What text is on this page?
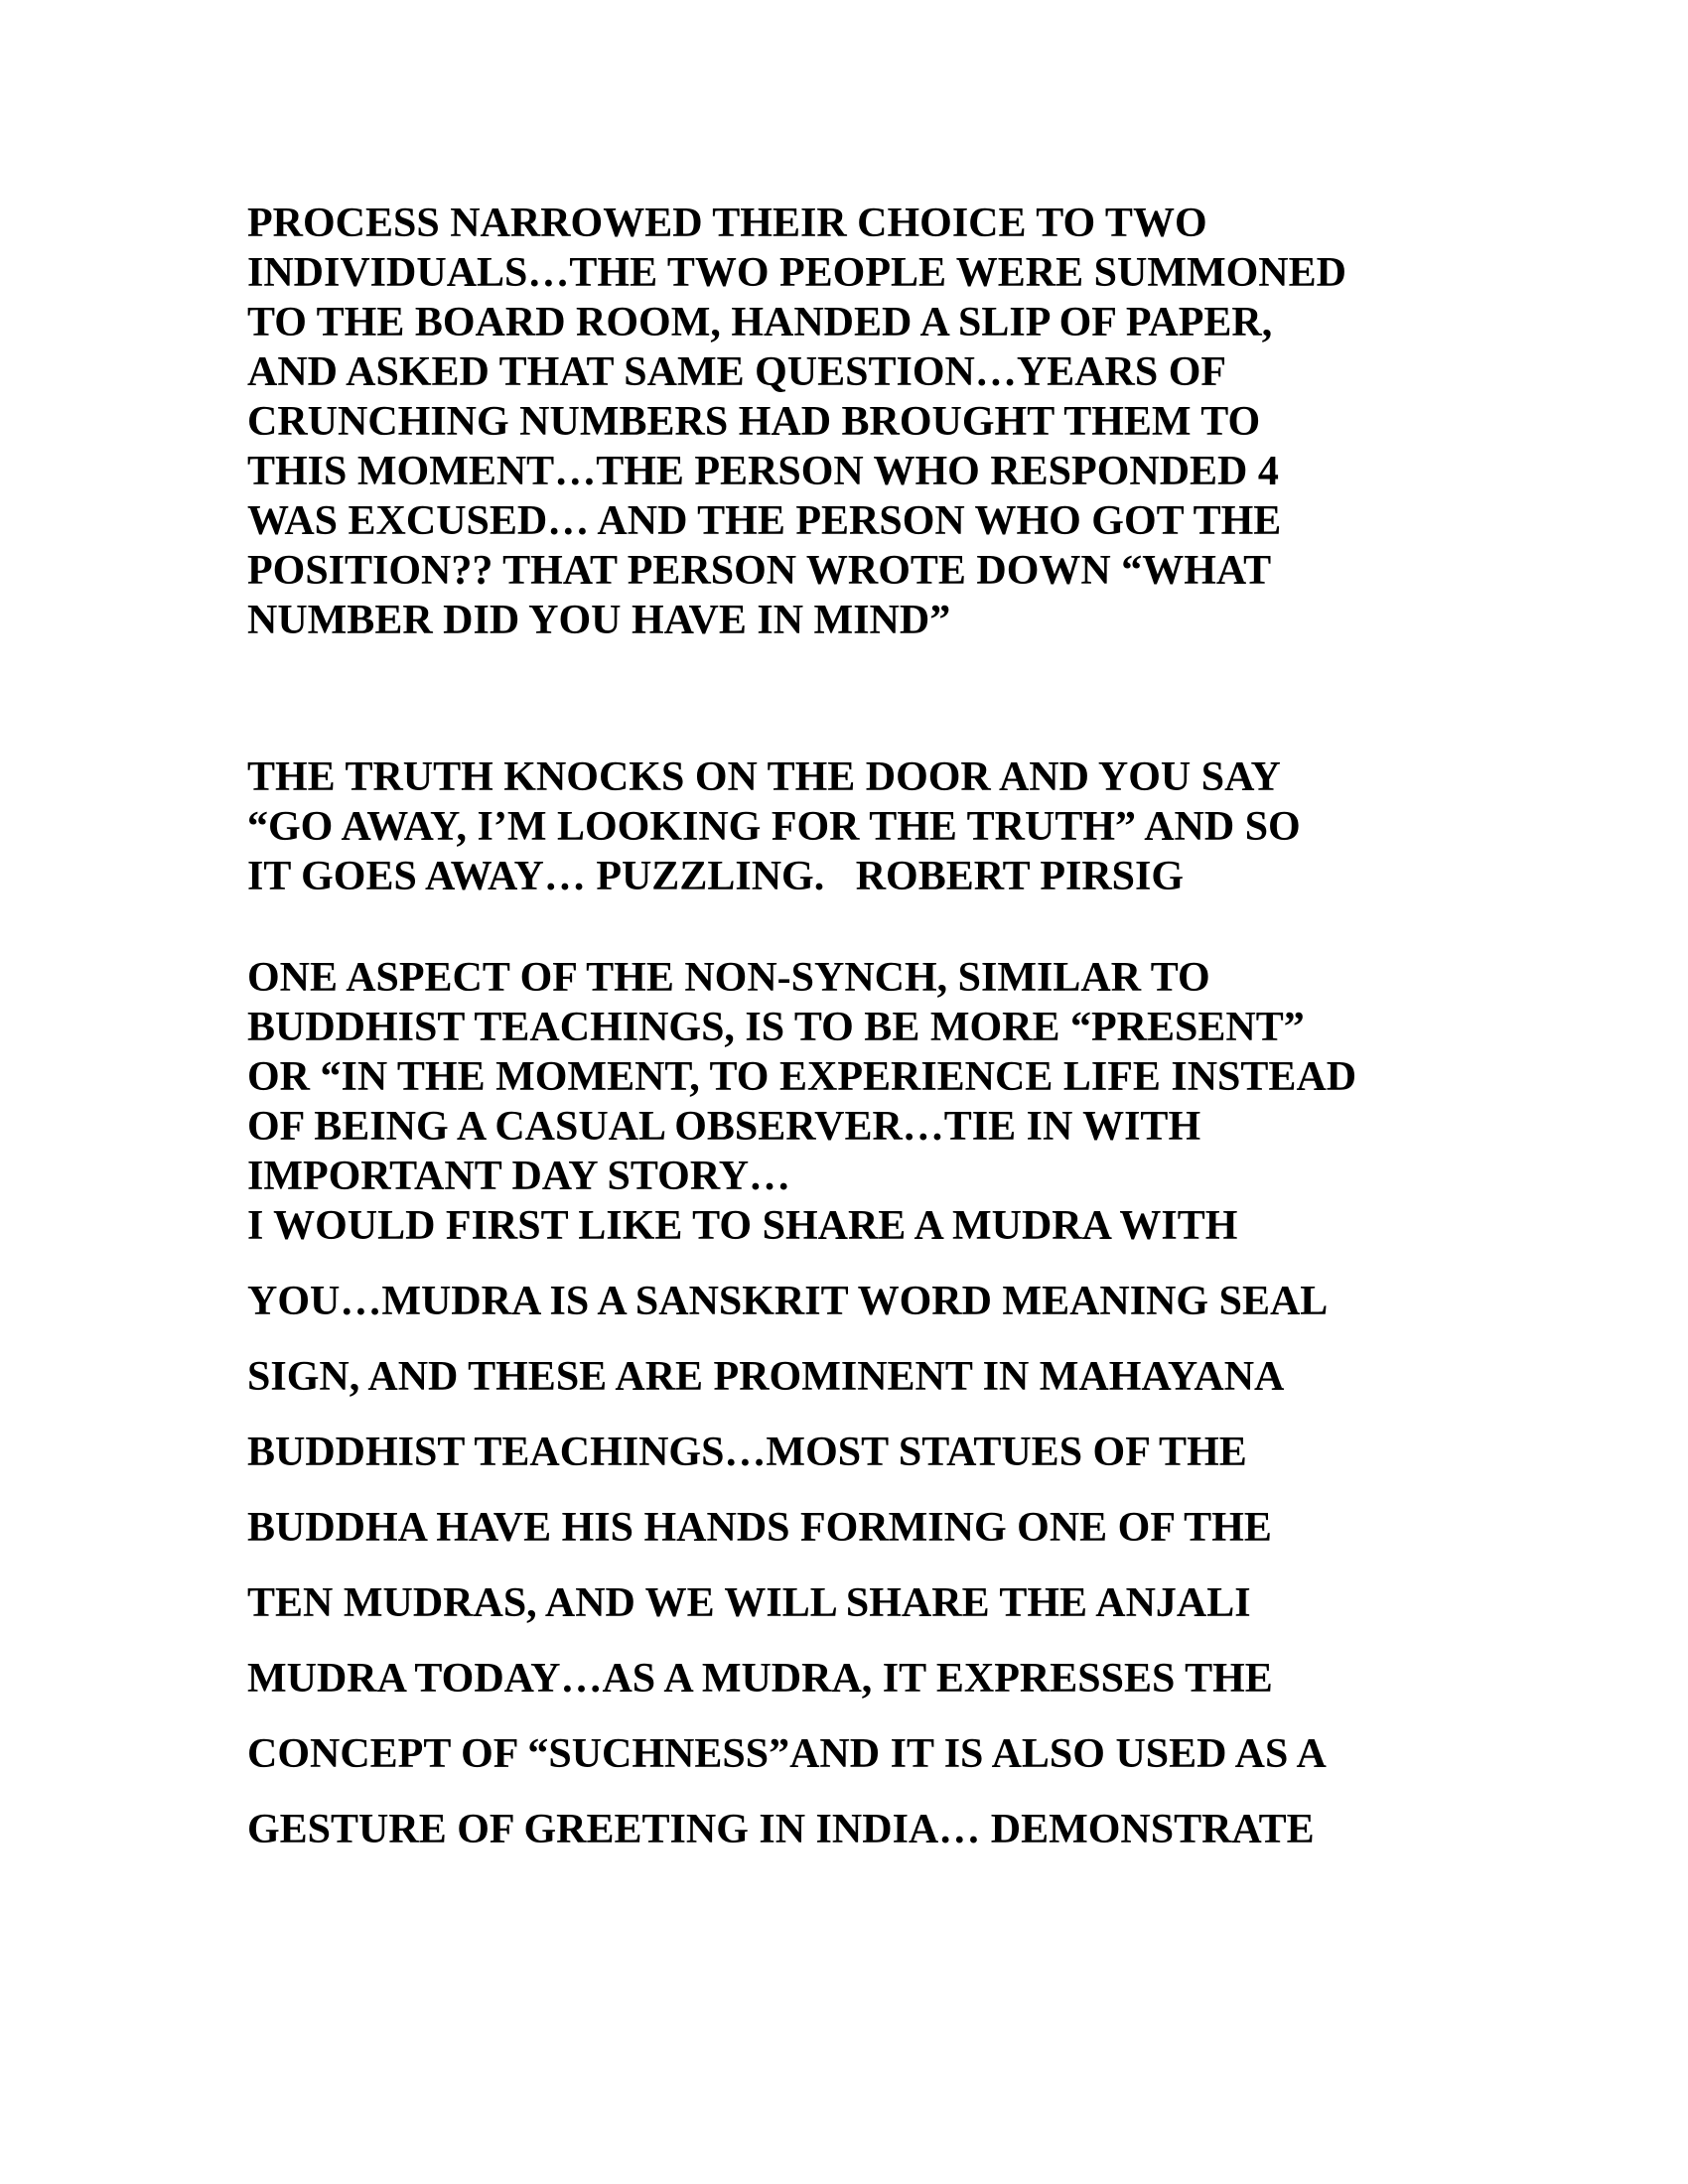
PROCESS NARROWED THEIR CHOICE TO TWO

INDIVIDUALS…THE TWO PEOPLE WERE SUMMONED

TO THE BOARD ROOM, HANDED A SLIP OF PAPER,

AND ASKED THAT SAME QUESTION…YEARS OF

CRUNCHING NUMBERS HAD BROUGHT THEM TO

THIS MOMENT…THE PERSON WHO RESPONDED 4

WAS EXCUSED… AND THE PERSON WHO GOT THE

POSITION?? THAT PERSON WROTE DOWN “WHAT

NUMBER DID YOU HAVE IN MIND”

THE TRUTH KNOCKS ON THE DOOR AND YOU SAY

“GO AWAY, I’M LOOKING FOR THE TRUTH” AND SO

IT GOES AWAY… PUZZLING.   ROBERT PIRSIG

ONE ASPECT OF THE NON-SYNCH, SIMILAR TO

BUDDHIST TEACHINGS, IS TO BE MORE “PRESENT”

OR “IN THE MOMENT, TO EXPERIENCE LIFE INSTEAD

OF BEING A CASUAL OBSERVER…TIE IN WITH

IMPORTANT DAY STORY…

I WOULD FIRST LIKE TO SHARE A MUDRA WITH

YOU…MUDRA IS A SANSKRIT WORD MEANING SEAL

SIGN, AND THESE ARE PROMINENT IN MAHAYANA

BUDDHIST TEACHINGS…MOST STATUES OF THE

BUDDHA HAVE HIS HANDS FORMING ONE OF THE

TEN MUDRAS, AND WE WILL SHARE THE ANJALI

MUDRA TODAY…AS A MUDRA, IT EXPRESSES THE

CONCEPT OF “SUCHNESS”AND IT IS ALSO USED AS A

GESTURE OF GREETING IN INDIA… DEMONSTRATE
